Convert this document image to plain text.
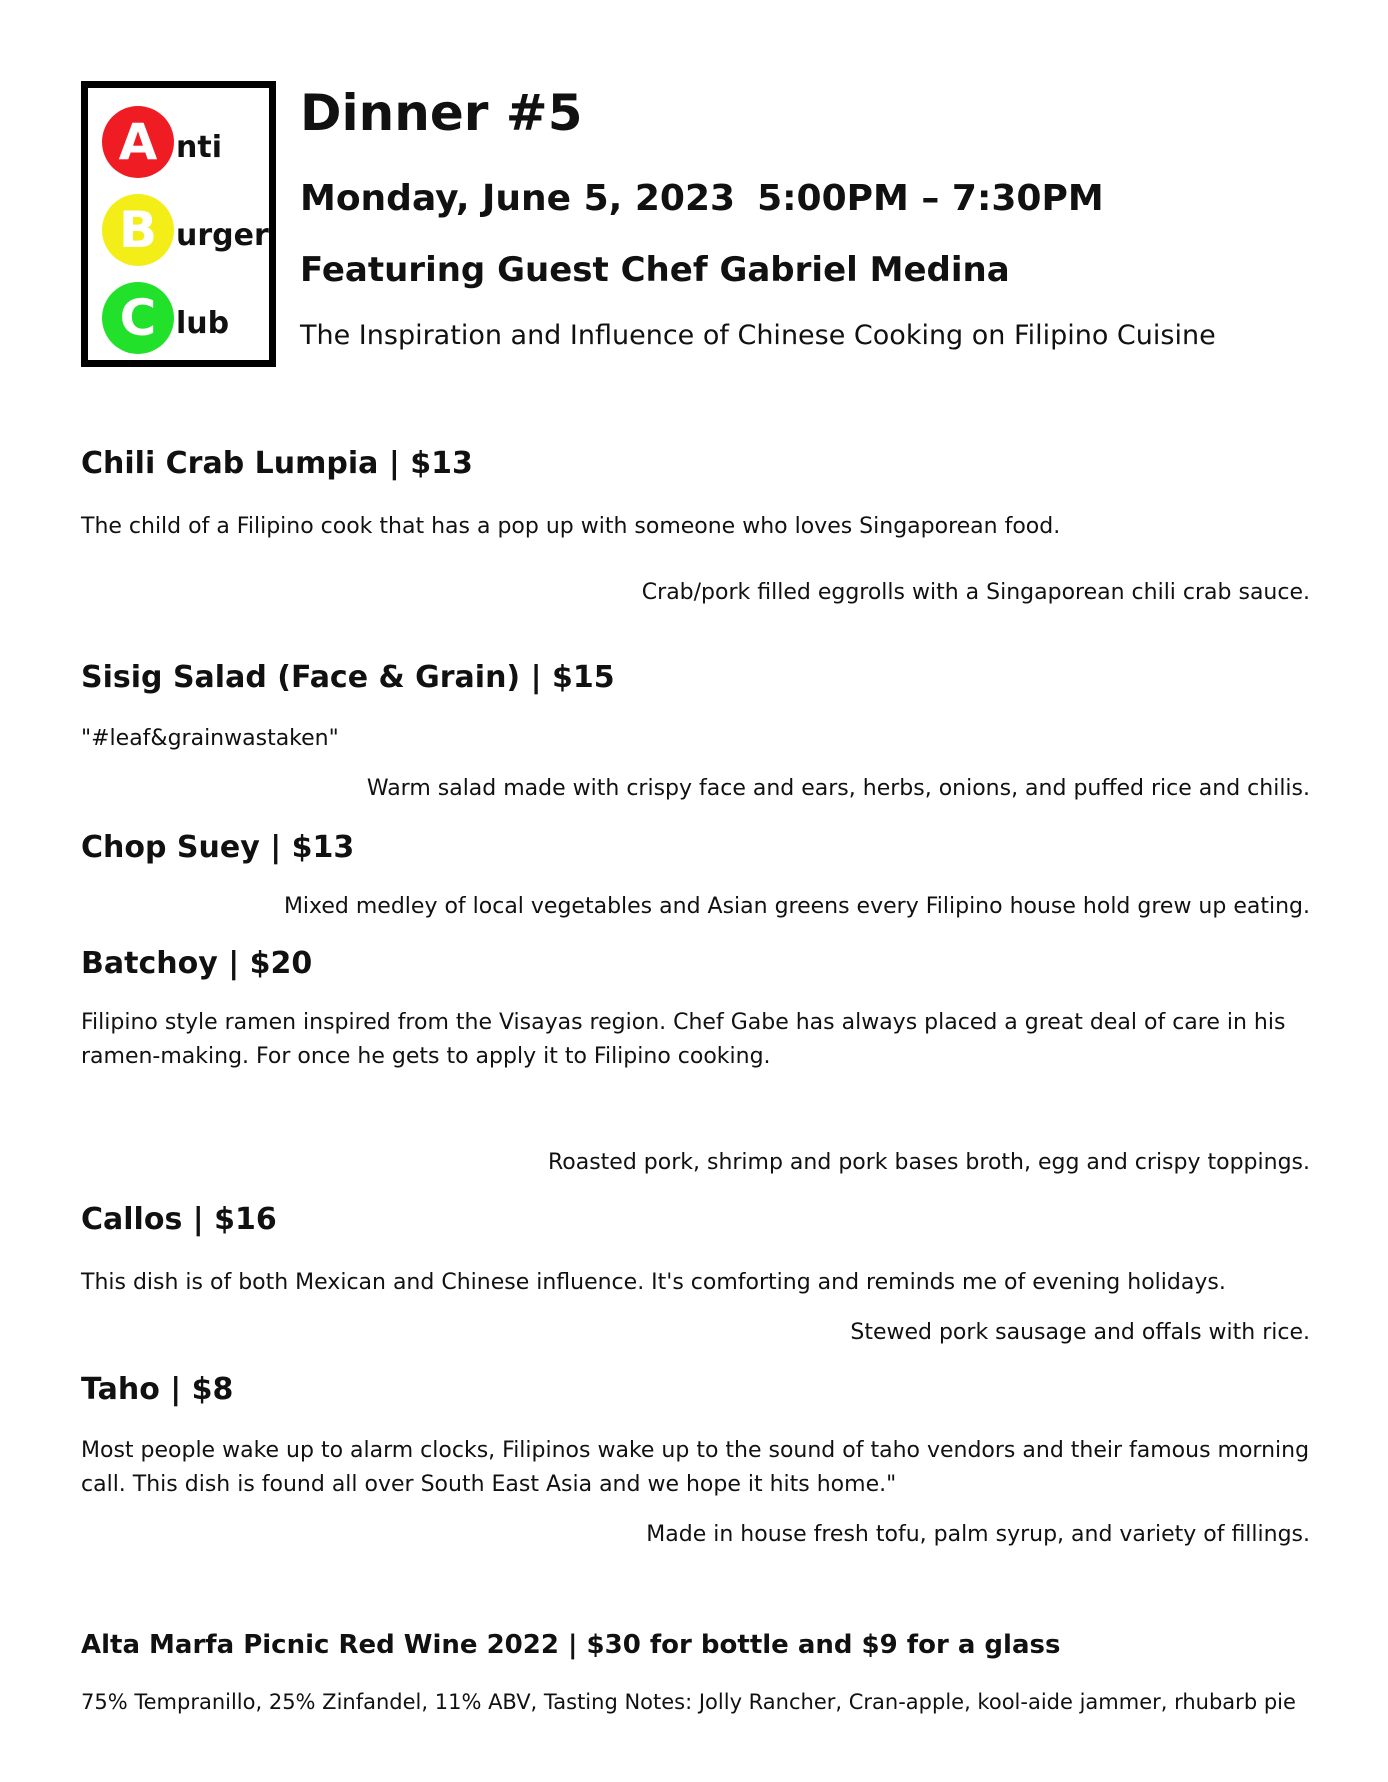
A nti
B urger
C lub
Dinner #5
Monday, June 5, 2023 5:00PM – 7:30PM
Featuring Guest Chef Gabriel Medina
The Inspiration and Influence of Chinese Cooking on Filipino Cuisine
Chili Crab Lumpia | $13
The child of a Filipino cook that has a pop up with someone who loves Singaporean food.
Crab/pork filled eggrolls with a Singaporean chili crab sauce.
Sisig Salad (Face & Grain) | $15
"#leaf&grainwastaken"
Warm salad made with crispy face and ears, herbs, onions, and puffed rice and chilis.
Chop Suey | $13
Mixed medley of local vegetables and Asian greens every Filipino house hold grew up eating.
Batchoy | $20
Filipino style ramen inspired from the Visayas region. Chef Gabe has always placed a great deal of care in his ramen-making. For once he gets to apply it to Filipino cooking.
Roasted pork, shrimp and pork bases broth, egg and crispy toppings.
Callos | $16
This dish is of both Mexican and Chinese influence. It's comforting and reminds me of evening holidays.
Stewed pork sausage and offals with rice.
Taho | $8
Most people wake up to alarm clocks, Filipinos wake up to the sound of taho vendors and their famous morning call. This dish is found all over South East Asia and we hope it hits home."
Made in house fresh tofu, palm syrup, and variety of fillings.
Alta Marfa Picnic Red Wine 2022 | $30 for bottle and $9 for a glass
75% Tempranillo, 25% Zinfandel, 11% ABV, Tasting Notes: Jolly Rancher, Cran-apple, kool-aide jammer, rhubarb pie
